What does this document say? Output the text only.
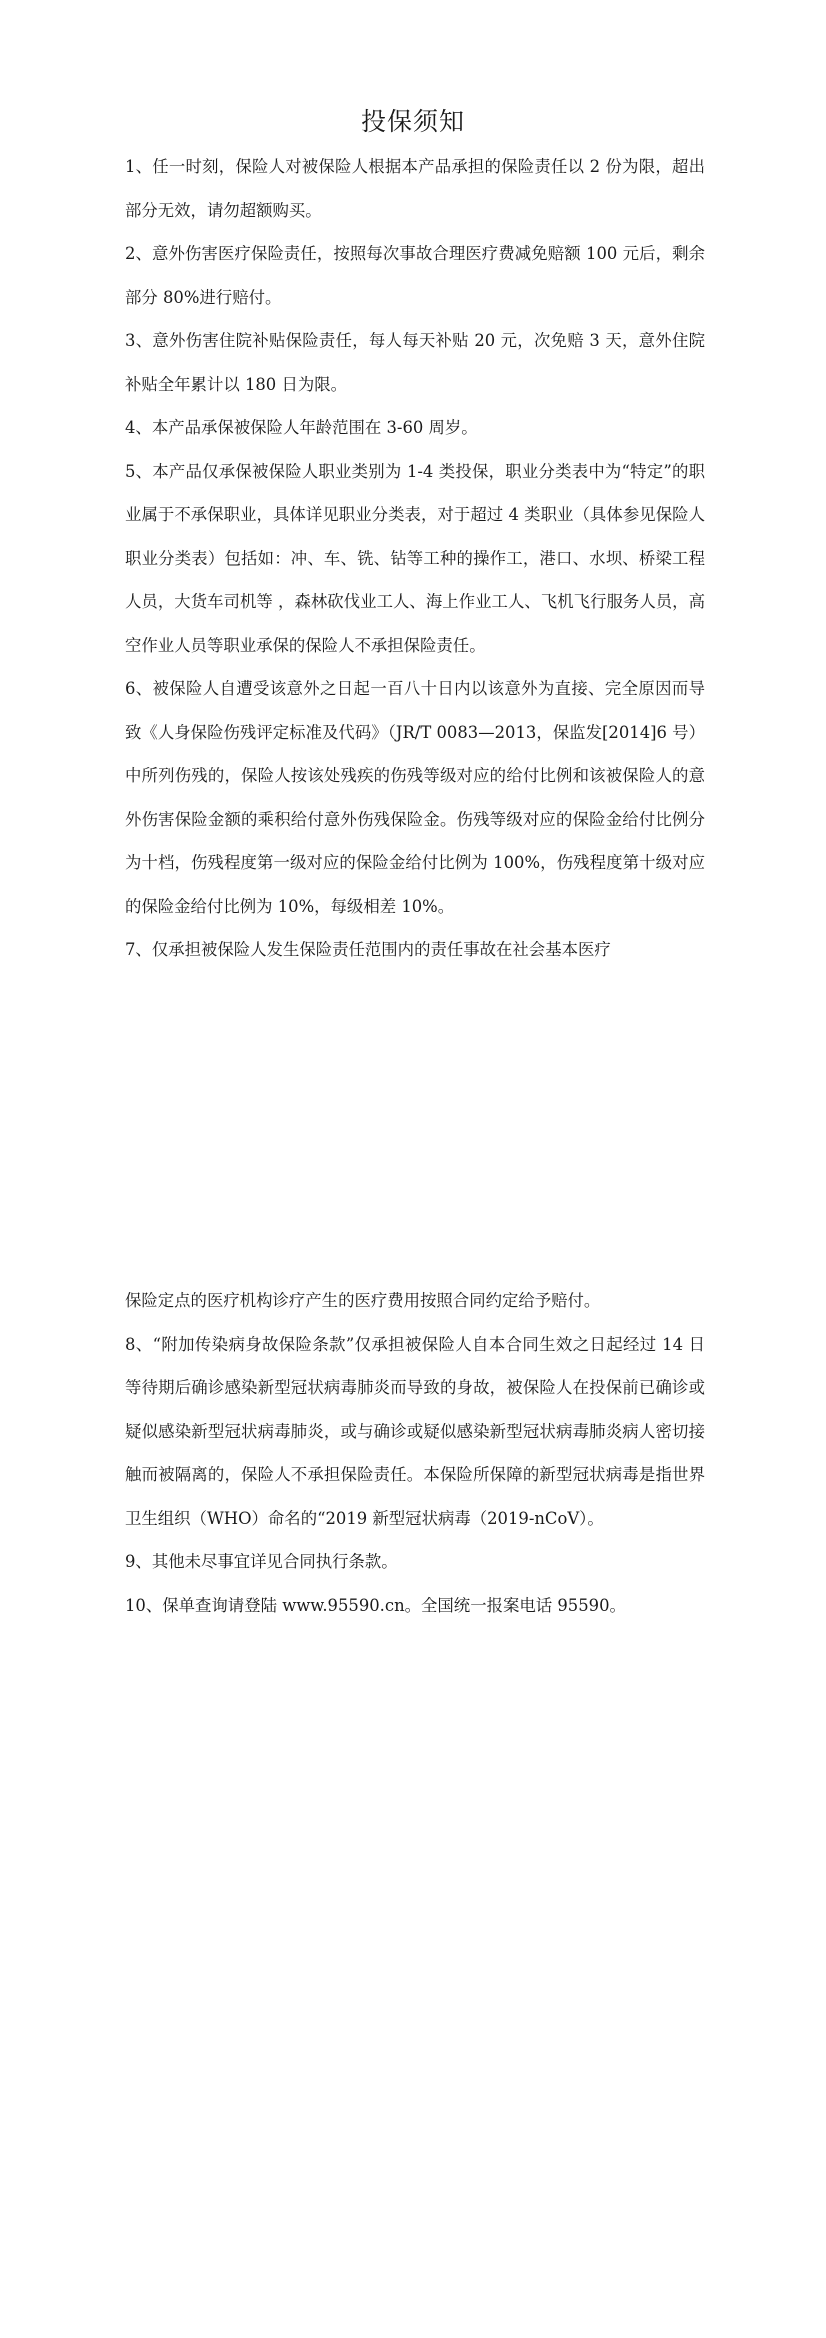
投保须知

1、任一时刻，保险人对被保险人根据本产品承担的保险责任以 2 份为限，超出部分无效，请勿超额购买。

2、意外伤害医疗保险责任，按照每次事故合理医疗费减免赔额 100 元后，剩余部分 80%进行赔付。

3、意外伤害住院补贴保险责任，每人每天补贴 20 元，次免赔 3 天，意外住院补贴全年累计以 180 日为限。

4、本产品承保被保险人年龄范围在 3-60 周岁。

5、本产品仅承保被保险人职业类别为 1-4 类投保，职业分类表中为“特定”的职业属于不承保职业，具体详见职业分类表，对于超过 4 类职业（具体参见保险人职业分类表）包括如：冲、车、铣、钻等工种的操作工，港口、水坝、桥梁工程人员，大货车司机等 ，森林砍伐业工人、海上作业工人、飞机飞行服务人员，高空作业人员等职业承保的保险人不承担保险责任。

6、被保险人自遭受该意外之日起一百八十日内以该意外为直接、完全原因而导致《人身保险伤残评定标准及代码》（JR/T 0083—2013，保监发[2014]6 号）中所列伤残的，保险人按该处残疾的伤残等级对应的给付比例和该被保险人的意外伤害保险金额的乘积给付意外伤残保险金。伤残等级对应的保险金给付比例分为十档，伤残程度第一级对应的保险金给付比例为 100%，伤残程度第十级对应的保险金给付比例为 10%，每级相差 10%。

7、仅承担被保险人发生保险责任范围内的责任事故在社会基本医疗

保险定点的医疗机构诊疗产生的医疗费用按照合同约定给予赔付。

8、“附加传染病身故保险条款”仅承担被保险人自本合同生效之日起经过 14 日等待期后确诊感染新型冠状病毒肺炎而导致的身故，被保险人在投保前已确诊或疑似感染新型冠状病毒肺炎，或与确诊或疑似感染新型冠状病毒肺炎病人密切接触而被隔离的，保险人不承担保险责任。本保险所保障的新型冠状病毒是指世界卫生组织（WHO）命名的“2019 新型冠状病毒（2019-nCoV）。

9、其他未尽事宜详见合同执行条款。

10、保单查询请登陆 www.95590.cn。全国统一报案电话 95590。
